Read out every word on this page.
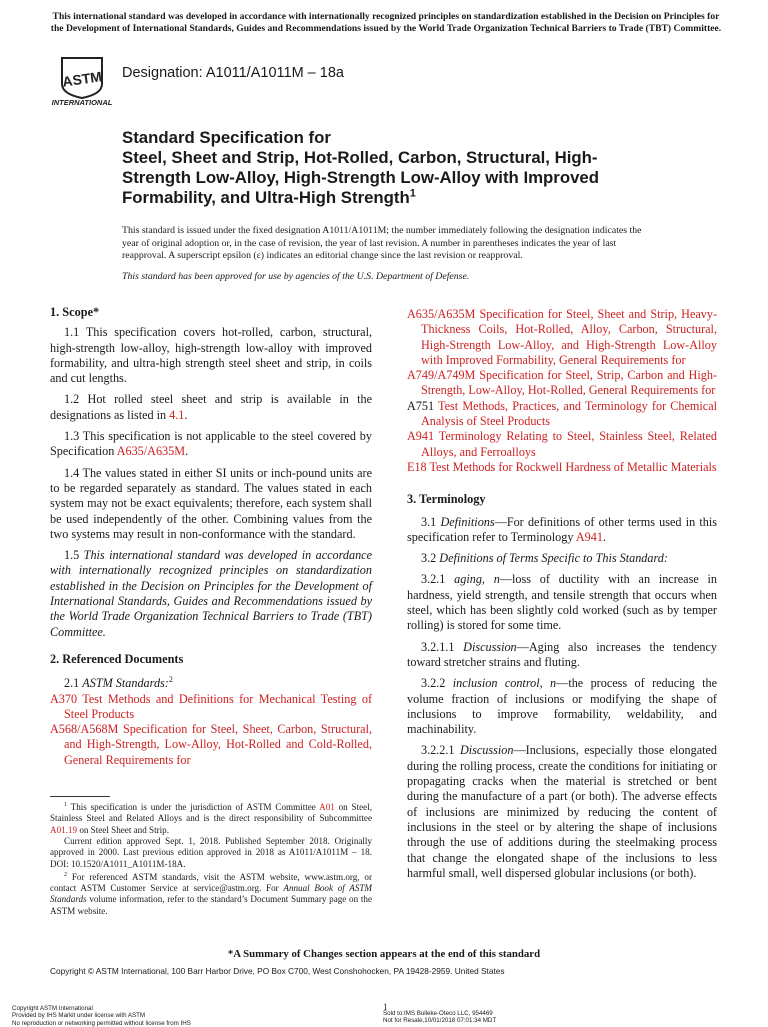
This international standard was developed in accordance with internationally recognized principles on standardization established in the Decision on Principles for the Development of International Standards, Guides and Recommendations issued by the World Trade Organization Technical Barriers to Trade (TBT) Committee.
ASTM
INTERNATIONAL
Designation: A1011/A1011M – 18a
Standard Specification for
Steel, Sheet and Strip, Hot-Rolled, Carbon, Structural, High-
Strength Low-Alloy, High-Strength Low-Alloy with Improved
Formability, and Ultra-High Strength$^1$
This standard is issued under the fixed designation A1011/A1011M; the number immediately following the designation indicates the
year of original adoption or, in the case of revision, the year of last revision. A number in parentheses indicates the year of last
reapproval. A superscript epsilon (ε) indicates an editorial change since the last revision or reapproval.
This standard has been approved for use by agencies of the U.S. Department of Defense.

1. Scope*

1.1 This specification covers hot-rolled, carbon, structural, high-strength low-alloy, high-strength low-alloy with improved formability, and ultra-high strength steel sheet and strip, in coils and cut lengths.

1.2 Hot rolled steel sheet and strip is available in the designations as listed in 4.1.

1.3 This specification is not applicable to the steel covered by Specification A635/A635M.

1.4 The values stated in either SI units or inch-pound units are to be regarded separately as standard. The values stated in each system may not be exact equivalents; therefore, each system shall be used independently of the other. Combining values from the two systems may result in non-conformance with the standard.

1.5 This international standard was developed in accordance with internationally recognized principles on standardization established in the Decision on Principles for the Development of International Standards, Guides and Recommendations issued by the World Trade Organization Technical Barriers to Trade (TBT) Committee.

2. Referenced Documents

2.1 ASTM Standards:$^2$

A370 Test Methods and Definitions for Mechanical Testing of Steel Products

A568/A568M Specification for Steel, Sheet, Carbon, Structural, and High-Strength, Low-Alloy, Hot-Rolled and Cold-Rolled, General Requirements for

$^1$ This specification is under the jurisdiction of ASTM Committee A01 on Steel, Stainless Steel and Related Alloys and is the direct responsibility of Subcommittee A01.19 on Steel Sheet and Strip.

Current edition approved Sept. 1, 2018. Published September 2018. Originally approved in 2000. Last previous edition approved in 2018 as A1011/A1011M – 18. DOI: 10.1520/A1011_A1011M-18A.

$^2$ For referenced ASTM standards, visit the ASTM website, www.astm.org, or contact ASTM Customer Service at service@astm.org. For Annual Book of ASTM Standards volume information, refer to the standard’s Document Summary page on the ASTM website.

A635/A635M Specification for Steel, Sheet and Strip, Heavy-Thickness Coils, Hot-Rolled, Alloy, Carbon, Structural, High-Strength Low-Alloy, and High-Strength Low-Alloy with Improved Formability, General Requirements for

A749/A749M Specification for Steel, Strip, Carbon and High-Strength, Low-Alloy, Hot-Rolled, General Requirements for

A751 Test Methods, Practices, and Terminology for Chemical Analysis of Steel Products

A941 Terminology Relating to Steel, Stainless Steel, Related Alloys, and Ferroalloys

E18 Test Methods for Rockwell Hardness of Metallic Materials

3. Terminology

3.1 Definitions—For definitions of other terms used in this specification refer to Terminology A941.

3.2 Definitions of Terms Specific to This Standard:

3.2.1 aging, n—loss of ductility with an increase in hardness, yield strength, and tensile strength that occurs when steel, which has been slightly cold worked (such as by temper rolling) is stored for some time.

3.2.1.1 Discussion—Aging also increases the tendency toward stretcher strains and fluting.

3.2.2 inclusion control, n—the process of reducing the volume fraction of inclusions or modifying the shape of inclusions to improve formability, weldability, and machinability.

3.2.2.1 Discussion—Inclusions, especially those elongated during the rolling process, create the conditions for initiating or propagating cracks when the material is stretched or bent during the manufacture of a part (or both). The adverse effects of inclusions are minimized by reducing the content of inclusions in the steel or by altering the shape of inclusions through the use of additions during the steelmaking process that change the elongated shape of the inclusions to less harmful small, well dispersed globular inclusions (or both).

*A Summary of Changes section appears at the end of this standard
Copyright © ASTM International, 100 Barr Harbor Drive, PO Box C700, West Conshohocken, PA 19428-2959. United States
1
Copyright ASTM International
Provided by IHS Markit under license with ASTM
No reproduction or networking permitted without license from IHS
Sold to:IMS Bulleke-Oteco LLC, 954469
Not for Resale,10/01/2018 07:01:34 MDT
